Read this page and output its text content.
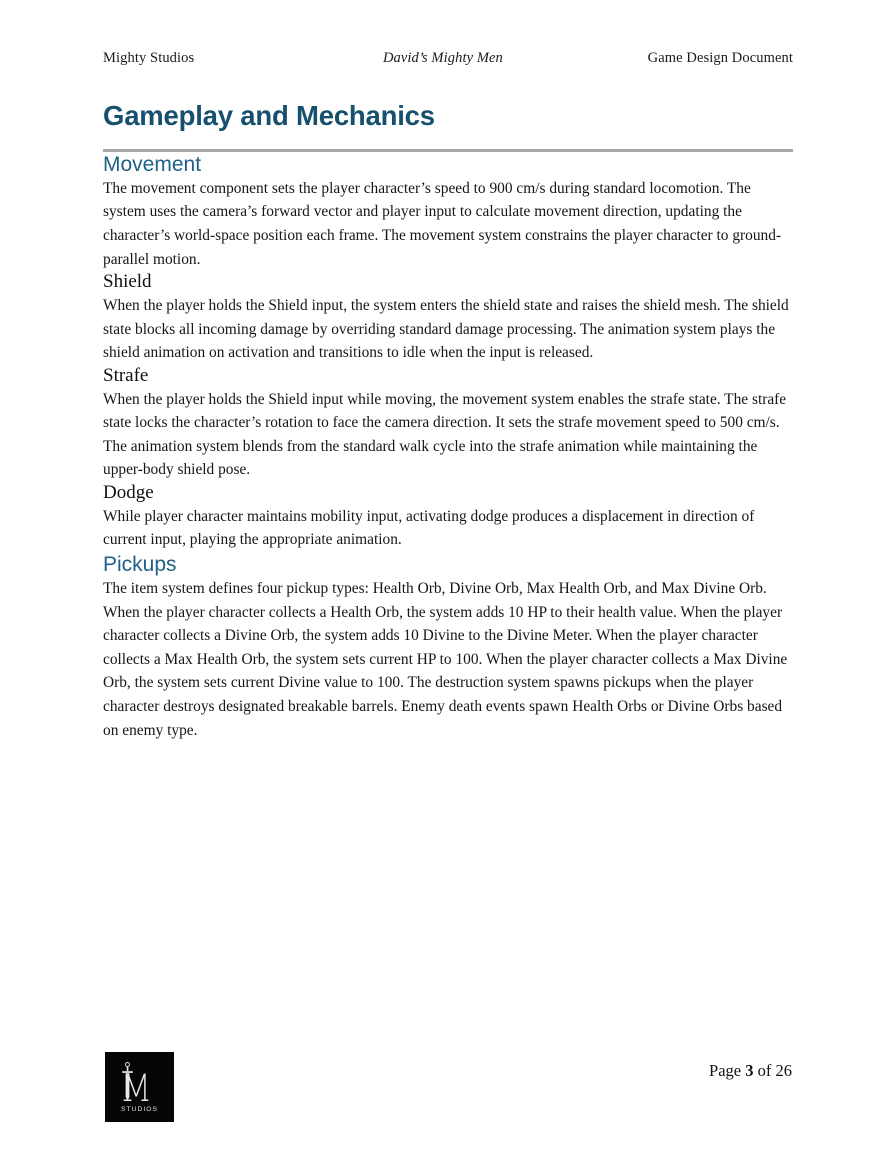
Mighty Studios	David’s Mighty Men	Game Design Document
Gameplay and Mechanics
Movement

The movement component sets the player character’s speed to 900 cm/s during standard locomotion. The system uses the camera’s forward vector and player input to calculate movement direction, updating the character’s world-space position each frame. The movement system constrains the player character to ground-parallel motion.

Shield

When the player holds the Shield input, the system enters the shield state and raises the shield mesh. The shield state blocks all incoming damage by overriding standard damage processing. The animation system plays the shield animation on activation and transitions to idle when the input is released.

Strafe

When the player holds the Shield input while moving, the movement system enables the strafe state. The strafe state locks the character’s rotation to face the camera direction. It sets the strafe movement speed to 500 cm/s. The animation system blends from the standard walk cycle into the strafe animation while maintaining the upper-body shield pose.

Dodge

While player character maintains mobility input, activating dodge produces a displacement in direction of current input, playing the appropriate animation.

Pickups

The item system defines four pickup types: Health Orb, Divine Orb, Max Health Orb, and Max Divine Orb. When the player character collects a Health Orb, the system adds 10 HP to their health value. When the player character collects a Divine Orb, the system adds 10 Divine to the Divine Meter. When the player character collects a Max Health Orb, the system sets current HP to 100. When the player character collects a Max Divine Orb, the system sets current Divine value to 100. The destruction system spawns pickups when the player character destroys designated breakable barrels. Enemy death events spawn Health Orbs or Divine Orbs based on enemy type.

STUDIOS
Page 3 of 26
